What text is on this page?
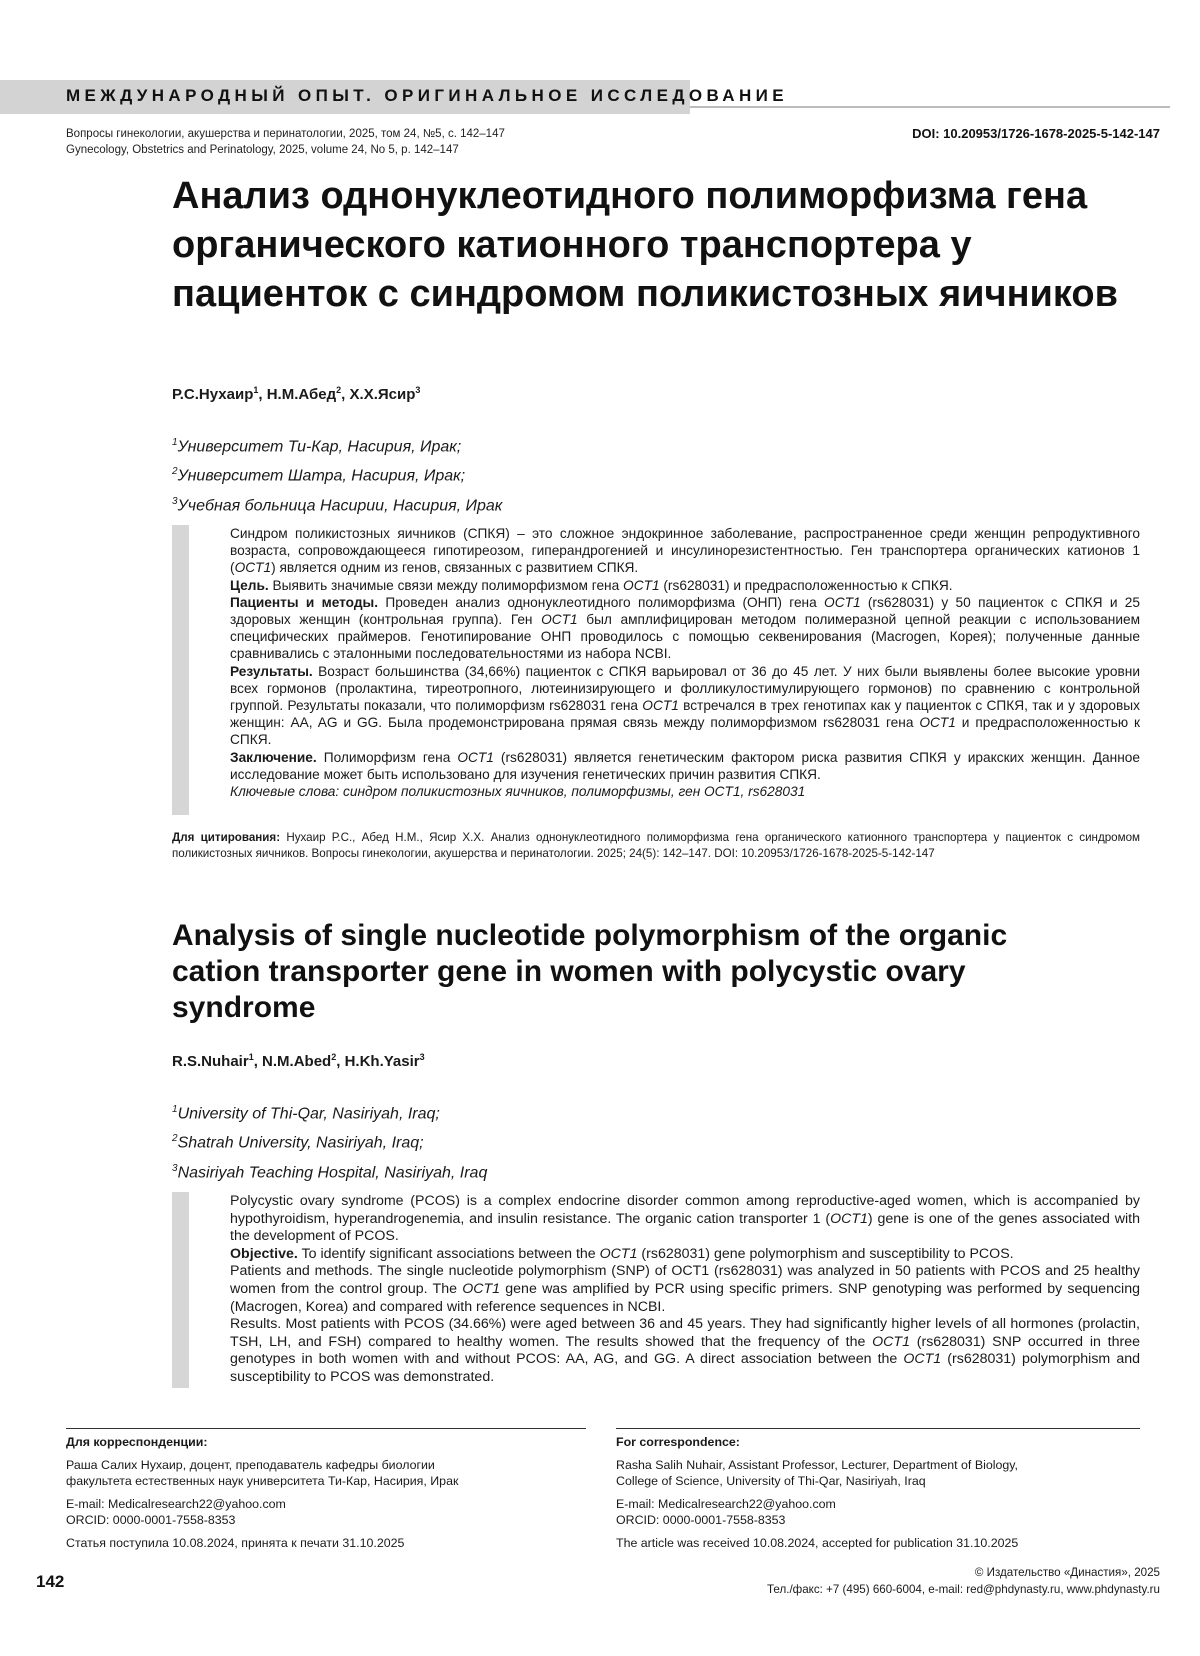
МЕЖДУНАРОДНЫЙ ОПЫТ. ОРИГИНАЛЬНОЕ ИССЛЕДОВАНИЕ
Вопросы гинекологии, акушерства и перинатологии, 2025, том 24, №5, с. 142–147
Gynecology, Obstetrics and Perinatology, 2025, volume 24, No 5, p. 142–147
DOI: 10.20953/1726-1678-2025-5-142-147
Анализ однонуклеотидного полиморфизма гена органического катионного транспортера у пациенток с синдромом поликистозных яичников
Р.С.Нухаир$^1$, Н.М.Абед$^2$, Х.Х.Ясир$^3$
$^1$Университет Ти-Кар, Насирия, Ирак;
$^2$Университет Шатра, Насирия, Ирак;
$^3$Учебная больница Насирии, Насирия, Ирак

Синдром поликистозных яичников (СПКЯ) – это сложное эндокринное заболевание, распространенное среди женщин репродуктивного возраста, сопровождающееся гипотиреозом, гиперандрогенией и инсулинорезистентностью. Ген транспортера органических катионов 1 (OCT1) является одним из генов, связанных с развитием СПКЯ.

Цель. Выявить значимые связи между полиморфизмом гена OCT1 (rs628031) и предрасположенностью к СПКЯ.

Пациенты и методы. Проведен анализ однонуклеотидного полиморфизма (ОНП) гена OCT1 (rs628031) у 50 пациенток с СПКЯ и 25 здоровых женщин (контрольная группа). Ген OCT1 был амплифицирован методом полимеразной цепной реакции с использованием специфических праймеров. Генотипирование ОНП проводилось с помощью секвенирования (Macrogen, Корея); полученные данные сравнивались с эталонными последовательностями из набора NCBI.

Результаты. Возраст большинства (34,66%) пациенток с СПКЯ варьировал от 36 до 45 лет. У них были выявлены более высокие уровни всех гормонов (пролактина, тиреотропного, лютеинизирующего и фолликулостимулирующего гормонов) по сравнению с контрольной группой. Результаты показали, что полиморфизм rs628031 гена OCT1 встречался в трех генотипах как у пациенток с СПКЯ, так и у здоровых женщин: AA, AG и GG. Была продемонстрирована прямая связь между полиморфизмом rs628031 гена OCT1 и предрасположенностью к СПКЯ.

Заключение. Полиморфизм гена OCT1 (rs628031) является генетическим фактором риска развития СПКЯ у иракских женщин. Данное исследование может быть использовано для изучения генетических причин развития СПКЯ.

Ключевые слова: синдром поликистозных яичников, полиморфизмы, ген OCT1, rs628031

Для цитирования: Нухаир Р.С., Абед Н.М., Ясир Х.Х. Анализ однонуклеотидного полиморфизма гена органического катионного транспортера у пациенток с синдромом поликистозных яичников. Вопросы гинекологии, акушерства и перинатологии. 2025; 24(5): 142–147. DOI: 10.20953/1726-1678-2025-5-142-147
Analysis of single nucleotide polymorphism of the organic cation transporter gene in women with polycystic ovary syndrome
R.S.Nuhair$^1$, N.M.Abed$^2$, H.Kh.Yasir$^3$
$^1$University of Thi-Qar, Nasiriyah, Iraq;
$^2$Shatrah University, Nasiriyah, Iraq;
$^3$Nasiriyah Teaching Hospital, Nasiriyah, Iraq

Polycystic ovary syndrome (PCOS) is a complex endocrine disorder common among reproductive-aged women, which is accompanied by hypothyroidism, hyperandrogenemia, and insulin resistance. The organic cation transporter 1 (OCT1) gene is one of the genes associated with the development of PCOS.

Objective. To identify significant associations between the OCT1 (rs628031) gene polymorphism and susceptibility to PCOS.

Patients and methods. The single nucleotide polymorphism (SNP) of OCT1 (rs628031) was analyzed in 50 patients with PCOS and 25 healthy women from the control group. The OCT1 gene was amplified by PCR using specific primers. SNP genotyping was performed by sequencing (Macrogen, Korea) and compared with reference sequences in NCBI.

Results. Most patients with PCOS (34.66%) were aged between 36 and 45 years. They had significantly higher levels of all hormones (prolactin, TSH, LH, and FSH) compared to healthy women. The results showed that the frequency of the OCT1 (rs628031) SNP occurred in three genotypes in both women with and without PCOS: AA, AG, and GG. A direct association between the OCT1 (rs628031) polymorphism and susceptibility to PCOS was demonstrated.

Для корреспонденции:

Раша Салих Нухаир, доцент, преподаватель кафедры биологии

факультета естественных наук университета Ти-Кар, Насирия, Ирак

E-mail: Medicalresearch22@yahoo.com

ORCID: 0000-0001-7558-8353

Статья поступила 10.08.2024, принята к печати 31.10.2025

For correspondence:

Rasha Salih Nuhair, Assistant Professor, Lecturer, Department of Biology,

College of Science, University of Thi-Qar, Nasiriyah, Iraq

E-mail: Medicalresearch22@yahoo.com

ORCID: 0000-0001-7558-8353

The article was received 10.08.2024, accepted for publication 31.10.2025

142	© Издательство «Династия», 2025
Тел./факс: +7 (495) 660-6004, e-mail: red@phdynasty.ru, www.phdynasty.ru
